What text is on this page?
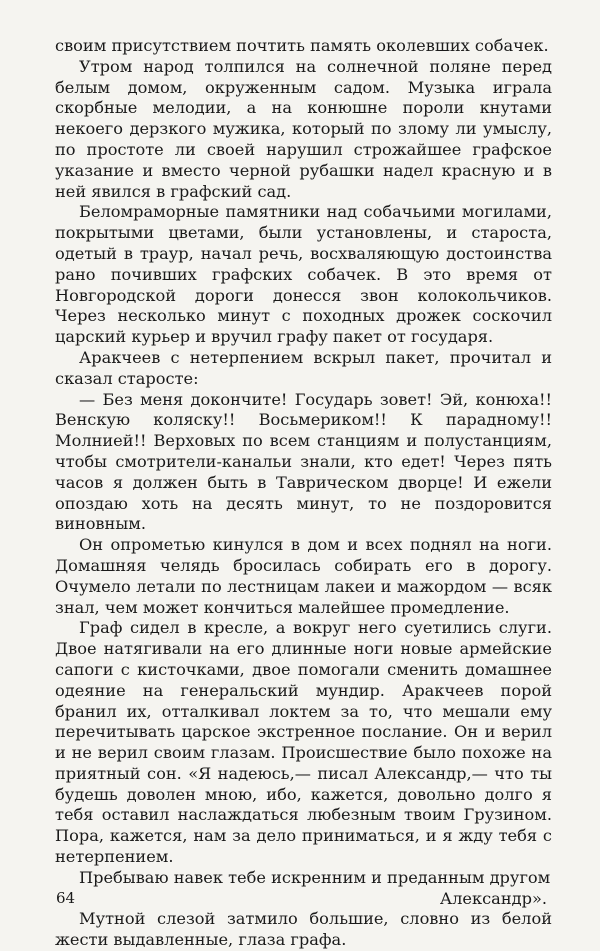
своим присутствием почтить память околевших собачек.

Утром народ толпился на солнечной поляне перед белым домом, окруженным садом. Музыка играла скорбные мелодии, а на конюшне пороли кнутами некоего дерзкого мужика, который по злому ли умыслу, по простоте ли своей нарушил строжайшее графское указание и вместо черной рубашки надел красную и в ней явился в графский сад.

Беломраморные памятники над собачьими могилами, покрытыми цветами, были установлены, и староста, одетый в траур, начал речь, восхваляющую достоинства рано почивших графских собачек. В это время от Новгородской дороги донесся звон колокольчиков. Через несколько минут с походных дрожек соскочил царский курьер и вручил графу пакет от государя.

Аракчеев с нетерпением вскрыл пакет, прочитал и сказал старосте:

— Без меня докончите! Государь зовет! Эй, конюха!! Венскую коляску!! Восьмериком!! К парадному!! Молнией!! Верховых по всем станциям и полустанциям, чтобы смотрители-канальи знали, кто едет! Через пять часов я должен быть в Таврическом дворце! И ежели опоздаю хоть на десять минут, то не поздоровится виновным.

Он опрометью кинулся в дом и всех поднял на ноги. Домашняя челядь бросилась собирать его в дорогу. Очумело летали по лестницам лакеи и мажордом — всяк знал, чем может кончиться малейшее промедление.

Граф сидел в кресле, а вокруг него суетились слуги. Двое натягивали на его длинные ноги новые армейские сапоги с кисточками, двое помогали сменить домашнее одеяние на генеральский мундир. Аракчеев порой бранил их, отталкивал локтем за то, что мешали ему перечитывать царское экстренное послание. Он и верил и не верил своим глазам. Происшествие было похоже на приятный сон. «Я надеюсь,— писал Александр,— что ты будешь доволен мною, ибо, кажется, довольно долго я тебя оставил наслаждаться любезным твоим Грузином. Пора, кажется, нам за дело приниматься, и я жду тебя с нетерпением.

Пребываю навек тебе искренним и преданным другом

Александр».

Мутной слезой затмило большие, словно из белой жести выдавленные, глаза графа.

64
